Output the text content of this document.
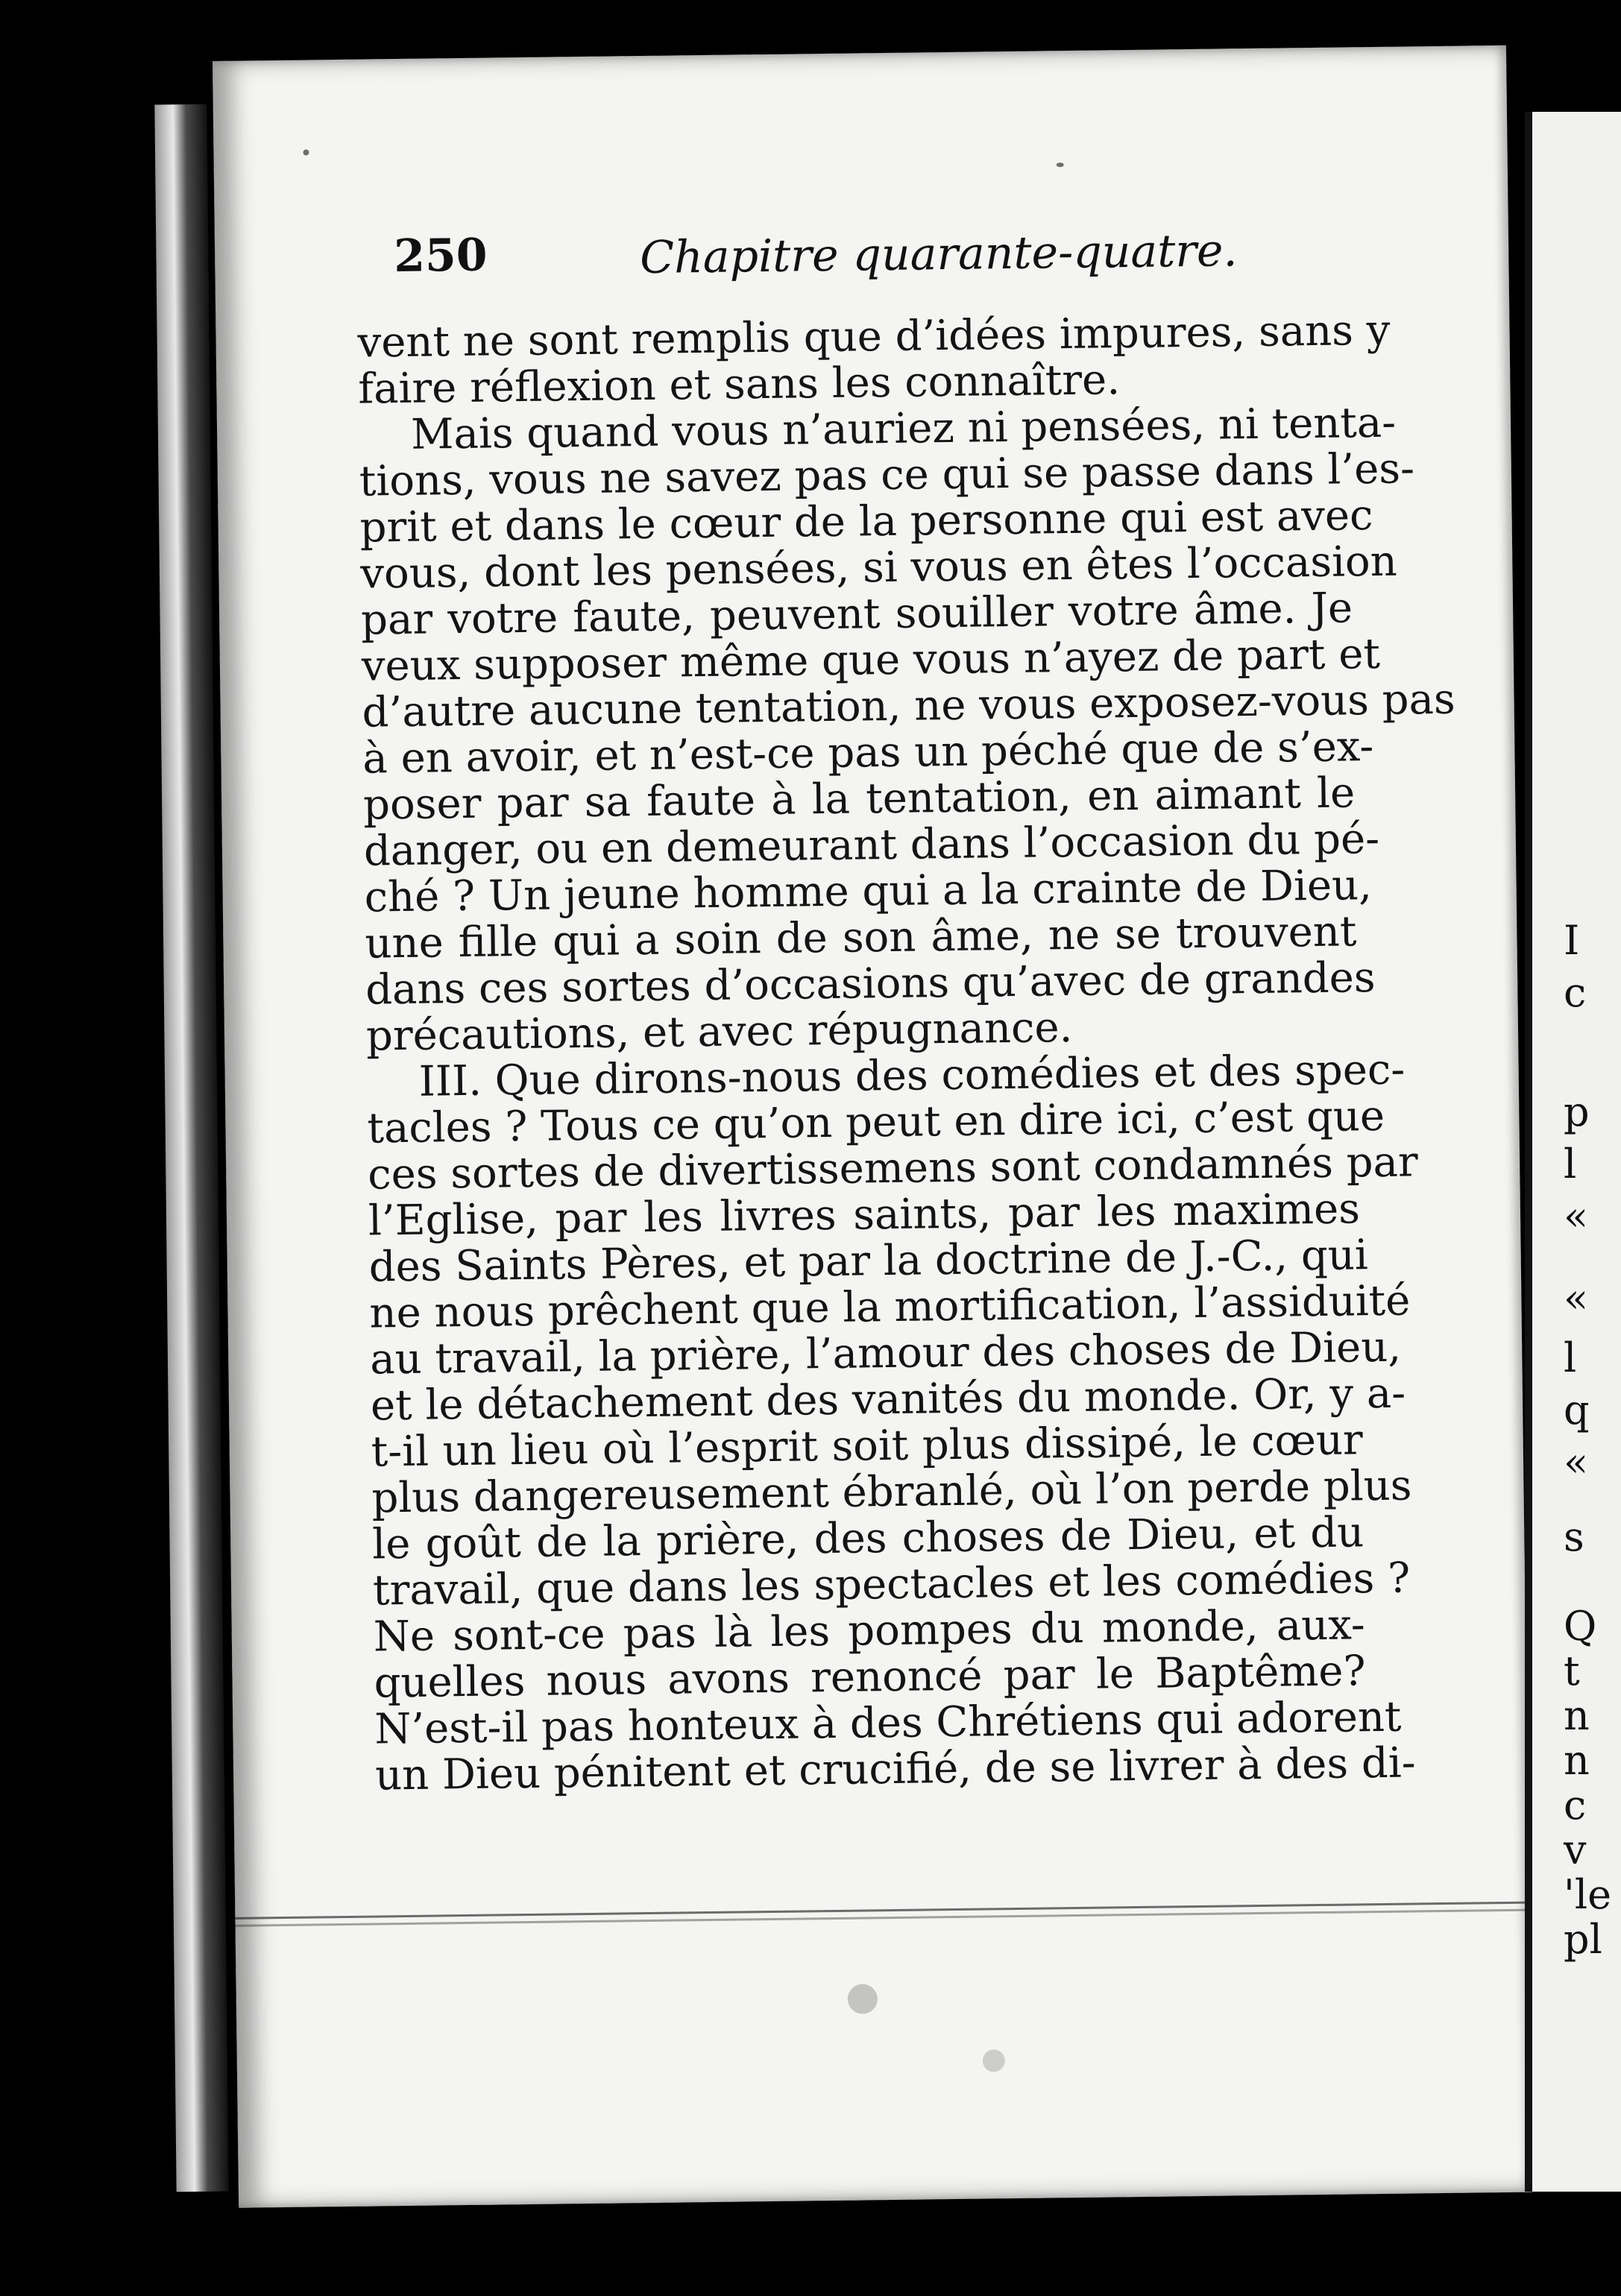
250	Chapitre quarante-quatre.
vent ne sont remplis que d’idées impures, sans y
faire réflexion et sans les connaître.
Mais quand vous n’auriez ni pensées, ni tenta-
tions, vous ne savez pas ce qui se passe dans l’es-
prit et dans le cœur de la personne qui est avec
vous, dont les pensées, si vous en êtes l’occasion
par votre faute, peuvent souiller votre âme. Je
veux supposer même que vous n’ayez de part et
d’autre aucune tentation, ne vous exposez-vous pas
à en avoir, et n’est-ce pas un péché que de s’ex-
poser par sa faute à la tentation, en aimant le
danger, ou en demeurant dans l’occasion du pé-
ché ? Un jeune homme qui a la crainte de Dieu,
une fille qui a soin de son âme, ne se trouvent
dans ces sortes d’occasions qu’avec de grandes
précautions, et avec répugnance.
III. Que dirons-nous des comédies et des spec-
tacles ? Tous ce qu’on peut en dire ici, c’est que
ces sortes de divertissemens sont condamnés par
l’Eglise, par les livres saints, par les maximes
des Saints Pères, et par la doctrine de J.-C., qui
ne nous prêchent que la mortification, l’assiduité
au travail, la prière, l’amour des choses de Dieu,
et le détachement des vanités du monde. Or, y a-
t-il un lieu où l’esprit soit plus dissipé, le cœur
plus dangereusement ébranlé, où l’on perde plus
le goût de la prière, des choses de Dieu, et du
travail, que dans les spectacles et les comédies ?
Ne sont-ce pas là les pompes du monde, aux-
quelles nous avons renoncé par le Baptême?
N’est-il pas honteux à des Chrétiens qui adorent
un Dieu pénitent et crucifié, de se livrer à des di-
I
c
p
l
«
«
l
q
«
s
Q
t
n
n
c
v
'le
pl
